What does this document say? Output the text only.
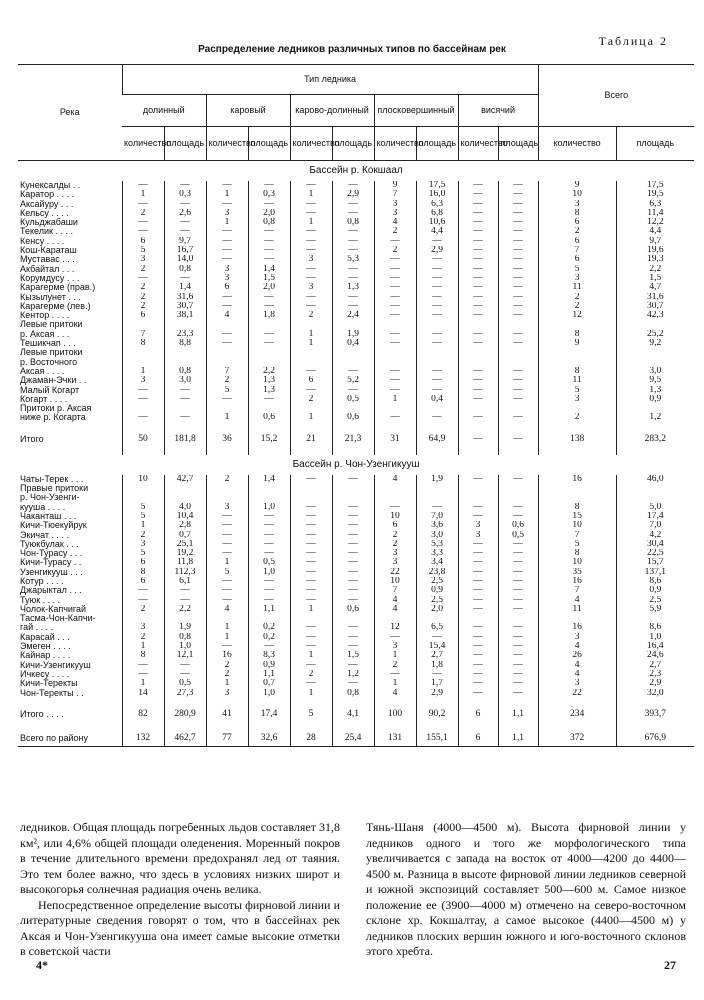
Таблица 2
Распределение ледников различных типов по бассейнам рек
Река	Тип ледника										Всего	
	долинный		каровый		карово-долинный		плосковершинный		висячий			
	количество	площадь	количество	площадь	количество	площадь	количество	площадь	количество	площадь	количество	площадь
Бассейн р. Кокшаал												
Кунексалды . .	—	—	—	—	—	—	9	17,5	—	—	9	17,5
Каратор . . . .	1	0,3	1	0,3	1	2,9	7	16,0	—	—	10	19,5
Аксайуру . . .	—	—	—	—	—	—	3	6,3	—	—	3	6,3
Кельсу . . . .	2	2,6	3	2,0	—	—	3	6,8	—	—	8	11,4
Кульджабаши	—	—	1	0,8	1	0,8	4	10,6	—	—	6	12,2
Текелик . . . .	—	—	—	—	—	—	2	4,4	—	—	2	4,4
Кенсу . . . .	6	9,7	—	—	—	—	—	—	—	—	6	9,7
Кош-Караташ	5	16,7	—	—	—	—	2	2,9	—	—	7	19,6
Муставас . . .	3	14,0	—	—	3	5,3	—	—	—	—	6	19,3
Акбайтал . . .	2	0,8	3	1,4	—	—	—	—	—	—	5	2,2
Корумдусу . . .	—	—	3	1,5	—	—	—	—	—	—	3	1,5
Карагерме (прав.)	2	1,4	6	2,0	3	1,3	—	—	—	—	11	4,7
Кызылунет . . .	2	31,6	—	—	—	—	—	—	—	—	2	31,6
Карагерме (лев.)	2	30,7	—	—	—	—	—	—	—	—	2	30,7
Кентор . . . .	6	38,1	4	1,8	2	2,4	—	—	—	—	12	42,3
Левые притоки												
р. Аксая . . .	7	23,3	—	—	1	1,9	—	—	—	—	8	25,2
Тешикчап . . .	8	8,8	—	—	1	0,4	—	—	—	—	9	9,2
Левые притоки												
р. Восточного												
Аксая . . . .	1	0,8	7	2,2	—	—	—	—	—	—	8	3,0
Джаман-Эчки . .	3	3,0	2	1,3	6	5,2	—	—	—	—	11	9,5
Малый Когарт	—	—	5	1,3	—	—	—	—	—	—	5	1,3
Когарт . . . .	—	—	—	—	2	0,5	1	0,4	—	—	3	0,9
Притоки р. Аксая												
ниже р. Когарта	—	—	1	0,6	1	0,6	—	—	—	—	2	1,2

Итого	50	181,8	36	15,2	21	21,3	31	64,9	—	—	138	283,2

Бассейн р. Чон-Узенгикууш												
Чаты-Терек . . .	10	42,7	2	1,4	—	—	4	1,9	—	—	16	46,0
Правые притоки												
р. Чон-Узенги-												
кууша . . . .	5	4,0	3	1,0	—	—	—	—	—	—	8	5,0
Чаканташ . . .	5	10,4	—	—	—	—	10	7,0	—	—	15	17,4
Кичи-Тюекуйрук	1	2,8	—	—	—	—	6	3,6	3	0,6	10	7,0
Экичат . . . .	2	0,7	—	—	—	—	2	3,0	3	0,5	7	4,2
Туюкбулак . . .	3	25,1	—	—	—	—	2	5,3	—	—	5	30,4
Чон-Турасу . . .	5	19,2	—	—	—	—	3	3,3	—	—	8	22,5
Кичи-Турасу . .	6	11,8	1	0,5	—	—	3	3,4	—	—	10	15,7
Узенгикууш . . .	8	112,3	5	1,0	—	—	22	23,8	—	—	35	137,1
Котур . . . .	6	6,1	—	—	—	—	10	2,5	—	—	16	8,6
Джарыктал . . .	—	—	—	—	—	—	7	0,9	—	—	7	0,9
Туюк . . . .	—	—	—	—	—	—	4	2,5	—	—	4	2,5
Чолок-Капчигай	2	2,2	4	1,1	1	0,6	4	2,0	—	—	11	5,9
Тасма-Чон-Капчи-												
гай . . . .	3	1,9	1	0,2	—	—	12	6,5	—	—	16	8,6
Карасай . . .	2	0,8	1	0,2	—	—	—	—	—	—	3	1,0
Эмеген . . . .	1	1,0	—	—	—	—	3	15,4	—	—	4	16,4
Кайнар . . . .	8	12,1	16	8,3	1	1,5	1	2,7	—	—	26	24,6
Кичи-Узенгикууш	—	—	2	0,9	—	—	2	1,8	—	—	4	2,7
Ичкесу . . . .	—	—	2	1,1	2	1,2	—	—	—	—	4	2,3
Кичи-Теректы	1	0,5	1	0,7	—	—	1	1,7	—	—	3	2,9
Чон-Теректы . .	14	27,3	3	1,0	1	0,8	4	2,9	—	—	22	32,0

Итого . . . .	82	280,9	41	17,4	5	4,1	100	90,2	6	1,1	234	393,7

Всего по району	132	462,7	77	32,6	28	25,4	131	155,1	6	1,1	372	676,9

ледников. Общая площадь погребенных льдов составляет 31,8 км², или 4,6% общей площади оледенения. Моренный покров в течение длительного времени предохранял лед от таяния. Это тем более важно, что здесь в условиях низких широт и высокогорья солнечная радиация очень велика.

Непосредственное определение высоты фирновой линии и литературные сведения говорят о том, что в бассейнах рек Аксая и Чон-Узенгикууша она имеет самые высокие отметки в советской части

Тянь-Шаня (4000—4500 м). Высота фирновой линии у ледников одного и того же морфологического типа увеличивается с запада на восток от 4000—4200 до 4400—4500 м. Разница в высоте фирновой линии ледников северной и южной экспозиций составляет 500—600 м. Самое низкое положение ее (3900—4000 м) отмечено на северо-восточном склоне хр. Кокшалтау, а самое высокое (4400—4500 м) у ледников плоских вершин южного и юго-восточного склонов этого хребта.

4*	27
